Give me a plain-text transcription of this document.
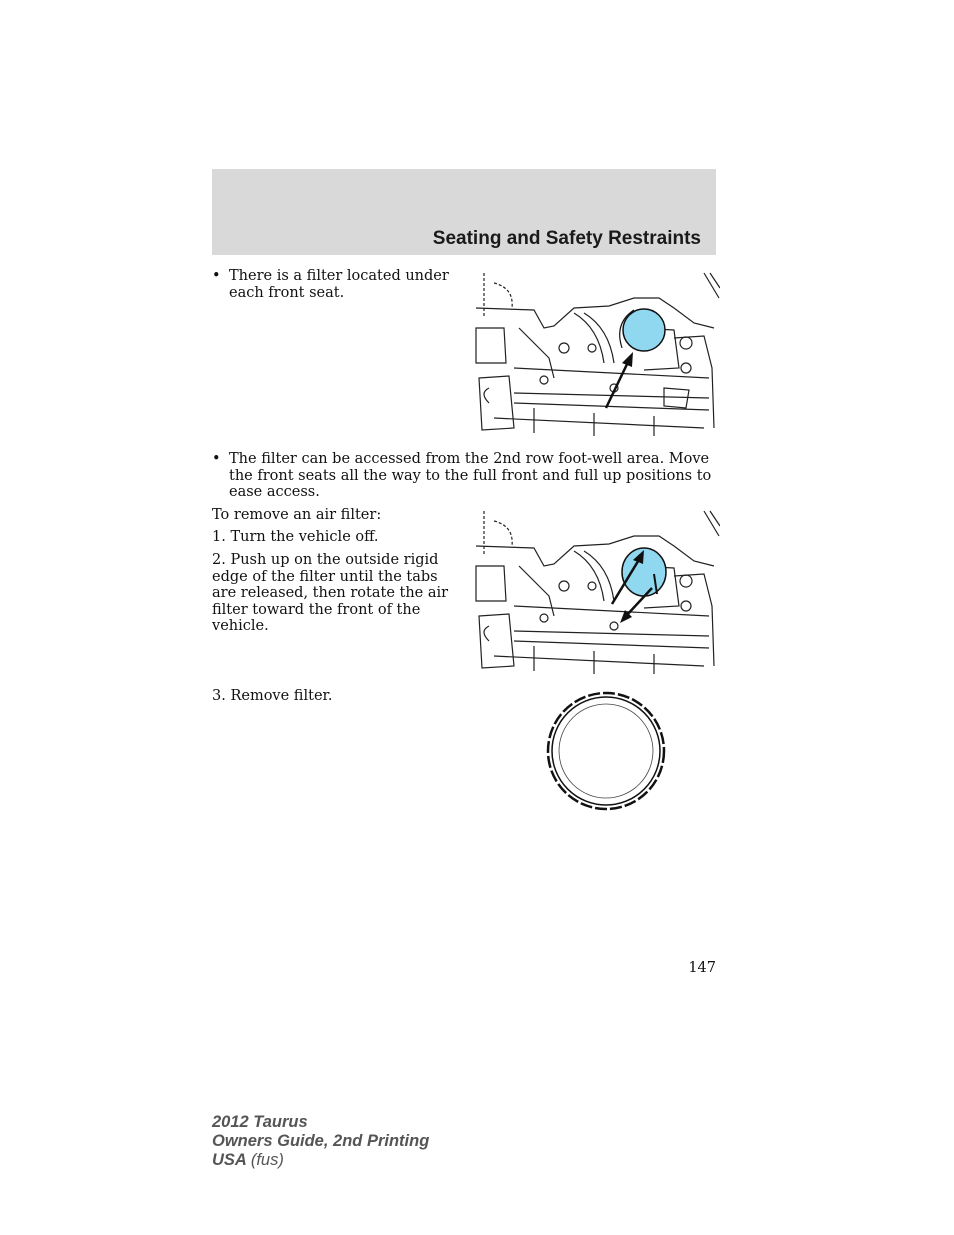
Seating and Safety Restraints
• There is a filter located under each front seat.
• The filter can be accessed from the 2nd row foot-well area. Move the front seats all the way to the full front and full up positions to ease access.
To remove an air filter:
1. Turn the vehicle off.
2. Push up on the outside rigid edge of the filter until the tabs are released, then rotate the air filter toward the front of the vehicle.
3. Remove filter.
147
2012 Taurus
Owners Guide, 2nd Printing
USA (fus)
